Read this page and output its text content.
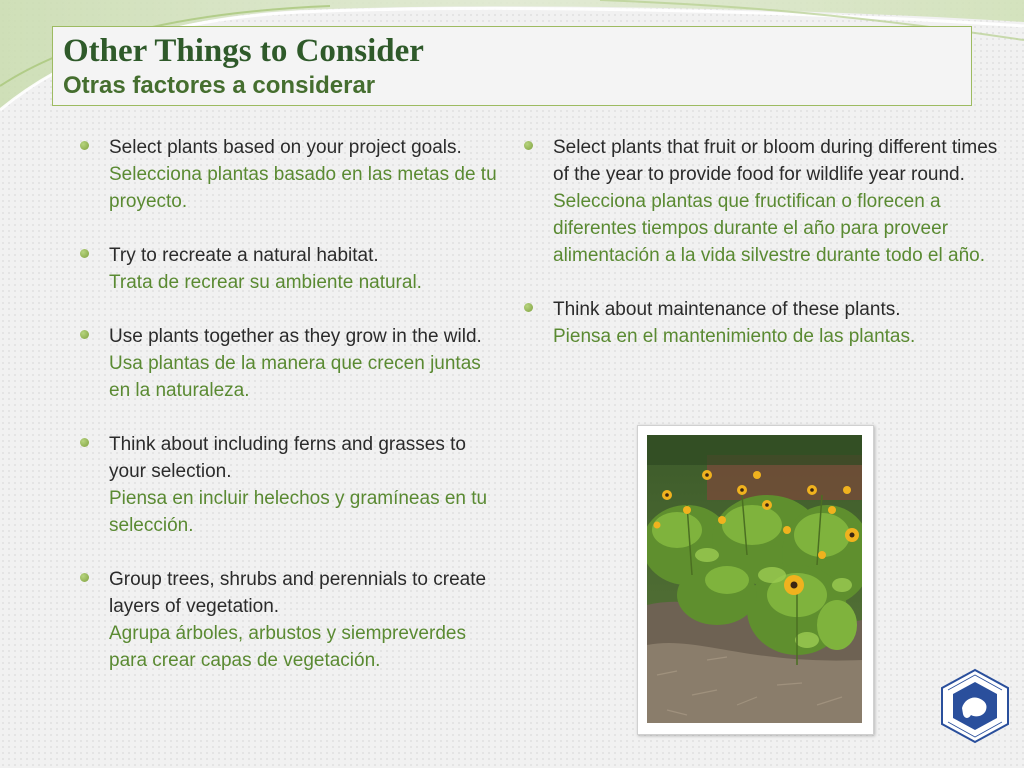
Other Things to Consider

Otras factores a considerar

Select plants based on your project goals.
Selecciona plantas basado en las metas de tu proyecto.
Try to recreate a natural habitat.
Trata de recrear su ambiente natural.
Use plants together as they grow in the wild.
Usa plantas de la manera que crecen juntas en la naturaleza.
Think about including ferns and grasses to your selection.
Piensa en incluir helechos y gramíneas en tu selección.
Group trees, shrubs and perennials to create layers of vegetation.
Agrupa árboles, arbustos y siempreverdes para crear capas de vegetación.
Select plants that fruit or bloom during different times of the year to provide food for wildlife year round.
Selecciona plantas que fructifican o florecen a diferentes tiempos durante el año para proveer alimentación a la vida silvestre durante todo el año.
Think about maintenance of these plants.
Piensa en el mantenimiento de las plantas.
